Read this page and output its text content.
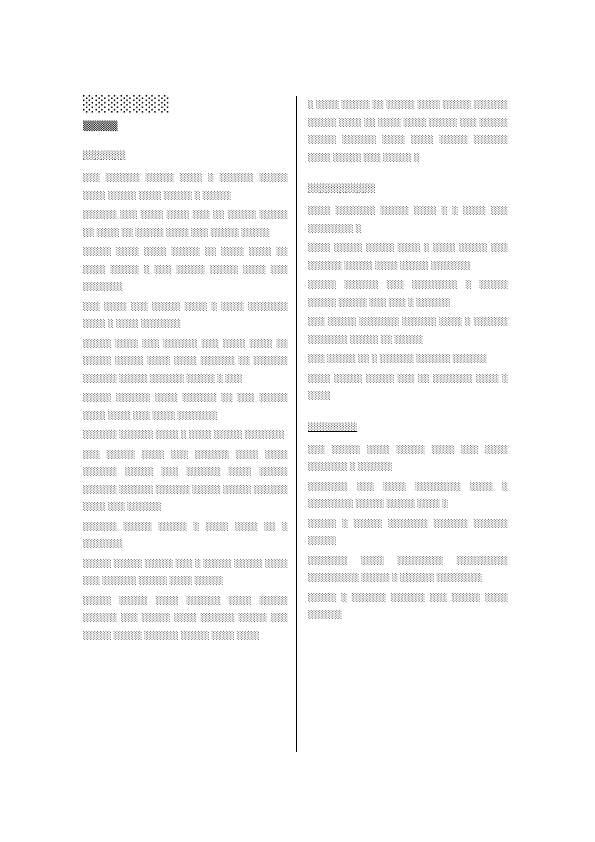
░░░░░░░
▒▒▒▒▒
░░░░░░░

░░░ ░░░░░░ ░░░░░ ░░░░ ░ ░░░░░░ ░░░░░ ░░░░ ░░░░░ ░░░░ ░░░░░ ░ ░░░░░

░░░░░░ ░░░ ░░░░ ░░░░ ░░░ ░░ ░░░░░ ░░░░░ ░░ ░░░░ ░░ ░░░░░ ░░░░ ░░░ ░░░░░ ░░░░░

░░░░░ ░░░░ ░░░░ ░░░░░ ░░ ░░░░ ░░░░ ░░ ░░░░ ░░░░░ ░ ░░░ ░░░░░ ░░░░░ ░░░░ ░░░ ░░░░░░░

░░░ ░░░░ ░░░ ░░░░░ ░░░░ ░ ░░░░ ░░░░░░░ ░░░░ ░ ░░░░ ░░░░░░░

░░░░░ ░░░░ ░░░ ░░░░░░ ░░░ ░░░░ ░░░░ ░░ ░░░░░ ░░░░░ ░░░░ ░░░░ ░░░░░░ ░░ ░░░░░░ ░░░░░░ ░░░░░ ░░░░░░ ░░░░░ ░ ░░░

░░░░░ ░░░░░░ ░░░░ ░░░░░░ ░░ ░░░ ░░░░░ ░░░░ ░░░░ ░░░ ░░░░ ░░░░░░░

░░░░░░ ░░░░░░ ░░░░ ░ ░░░░ ░░░░░ ░░░░░░░

░░░ ░░░░░ ░░░░ ░░░ ░░░░░░ ░░░░ ░░░░ ░░░░░░ ░░░░░ ░░░ ░░░░░░ ░░░░ ░░░░░ ░░░░░░ ░░░░░░ ░░░░░░ ░░░░░ ░░░░░ ░░░░░░ ░░░░ ░░░ ░░░░░░

░░░░░░ ░░░░░ ░░░░░ ░ ░░░░ ░░░░ ░░ ░ ░░░░░░░

░░░░░ ░░░░░ ░░░░░ ░░░ ░ ░░░░░ ░░░░░ ░░░░ ░░░ ░░░░░░ ░░░░░ ░░░░ ░░░░░

░░░░░ ░░░░░ ░░░░ ░░░░░░ ░░░░ ░░░░░ ░░░░░░ ░░░ ░░░░░ ░░░░ ░░░░░░ ░░░░░ ░░░ ░░░░░ ░░░░░ ░░░░░░ ░░░░░ ░░░░ ░░░░

░ ░░░░ ░░░░░ ░░ ░░░░░ ░░░░ ░░░░░ ░░░░░░ ░░░░░ ░░░░ ░░ ░░░░ ░░░░ ░░░░░ ░░░ ░░░░░ ░░░░░ ░░░░░░ ░░░░ ░░░░ ░░░░░ ░░░░░░ ░░░░ ░░░░░ ░░░ ░░░░░ ░

░░░░░░░░░░░

░░░░ ░░░░░░░ ░░░░░ ░░░░ ░ ░ ░░░░ ░░░ ░░░░░░░░ ░

░░░░ ░░░░░ ░░░░░ ░░░░ ░ ░░░░ ░░░░░ ░░░ ░░░░░░ ░░░░░ ░░░░ ░░░░░ ░░░░░░░

░░░░░ ░░░░░░ ░░░ ░░░░░░░░ ░ ░░░░░ ░░░░░ ░░░░░ ░░░ ░░░ ░ ░░░░░░

░░░ ░░░░░ ░░░░░░░ ░░░░░░ ░░░░ ░ ░░░░░░ ░░░░░░░ ░░░░░ ░░ ░░░░░

░░░ ░░░░░ ░░ ░ ░░░░░░ ░░░░░░ ░░░░░░

░░░░ ░░░░░ ░░░░░ ░░░ ░░ ░░░░░░░ ░░░░ ░ ░░░░

░░░░░░░░

░░░ ░░░░░ ░░░░ ░░░░░ ░░░░ ░░░ ░░░░ ░░░░░░░ ░ ░░░░░░

░░░░░░░ ░░░ ░░░░ ░░░░░░░░ ░░░░ ░ ░░░░░░░░ ░░░░░ ░░░░░ ░░░░ ░

░░░░░ ░ ░░░░░ ░░░░░░░ ░░░░░░ ░░░░░░ ░░░░░

░░░░░░░ ░░░░ ░░░░░░░░ ░░░░░░░░░ ░░░░░░░░░ ░░░░░ ░ ░░░░░░ ░░░░░░░░

░░░░░ ░ ░░░░░░ ░░░░░░ ░░░ ░░░░░ ░░░░ ░░░░░░
